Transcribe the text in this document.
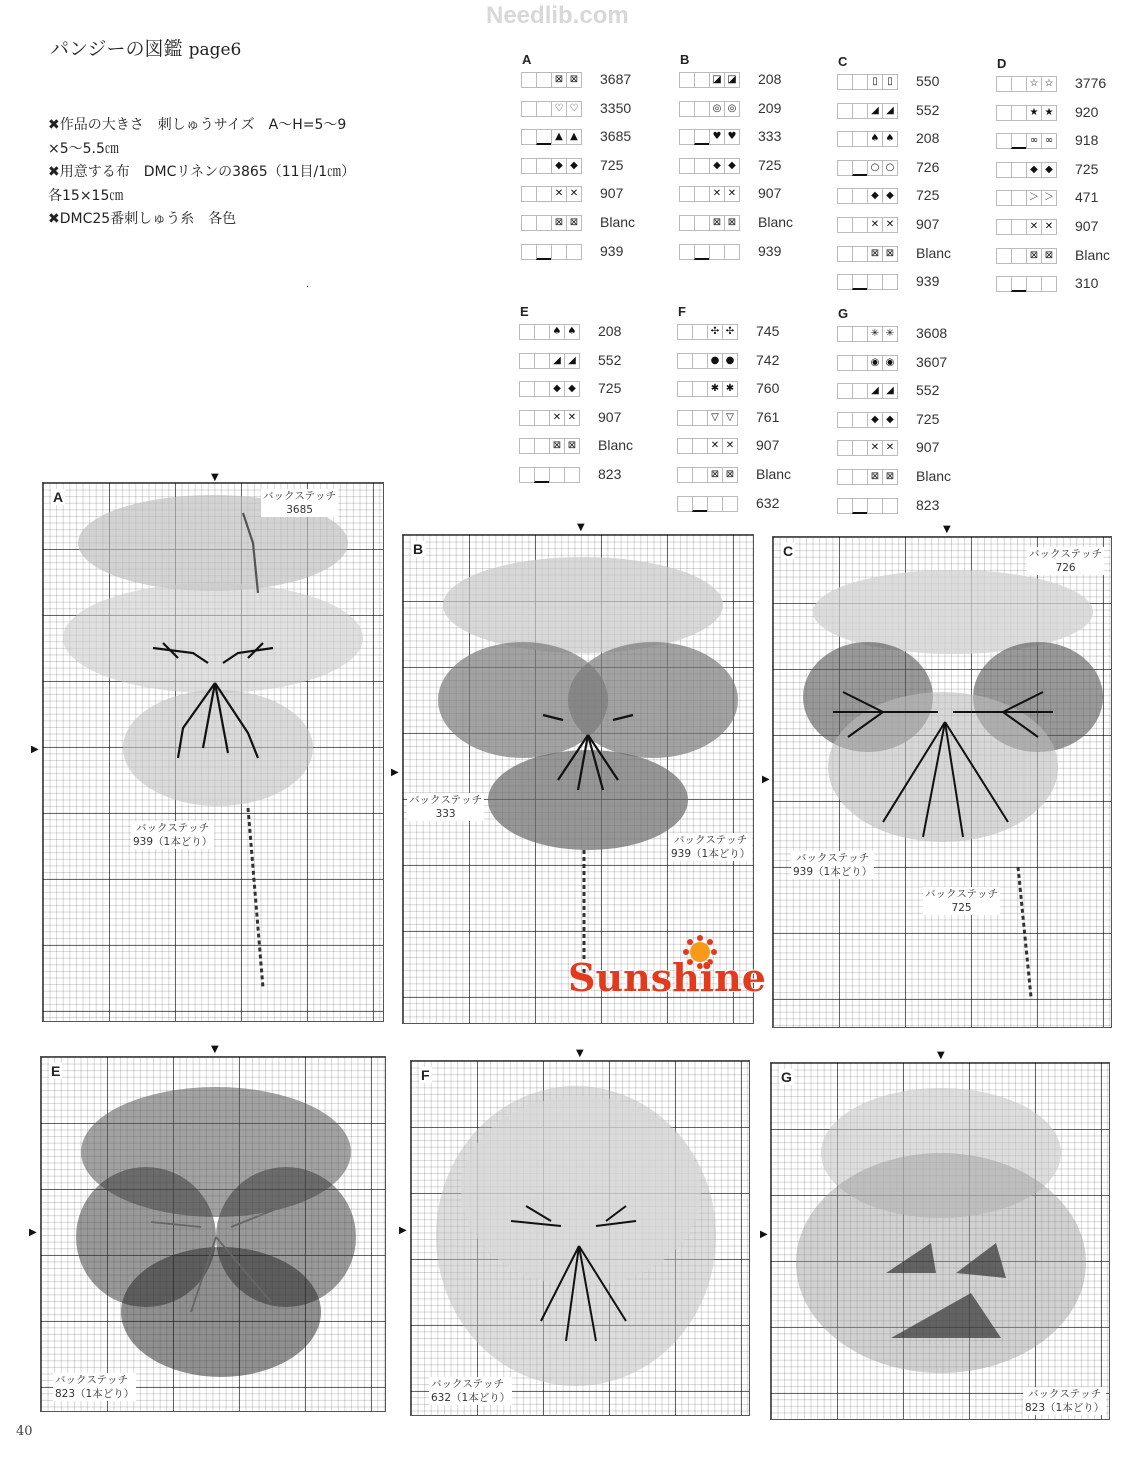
Needlib.com
パンジーの図鑑 page6
✖作品の大きさ　刺しゅうサイズ　A〜H=5〜9
×5〜5.5㎝
✖用意する布　DMCリネンの3865（11目/1㎝）
各15×15㎝
✖DMC25番刺しゅう糸　各色
·
A
⊠ ⊠ 3687
♡ ♡ 3350
▲ ▲ 3685
◆ ◆ 725
✕ ✕ 907
⊠ ⊠ Blanc
939
B
◪ ◪ 208
◎ ◎ 209
♥ ♥ 333
◆ ◆ 725
✕ ✕ 907
⊠ ⊠ Blanc
939
C
▯ ▯	550
◢ ◢ 552
♠ ♠ 208
○ ○ 726
◆ ◆ 725
✕ ✕ 907
⊠ ⊠ Blanc
939
D
☆ ☆ 3776
★ ★ 920
∞ ∞ 918
◆ ◆ 725
＞ ＞ 471
✕ ✕ 907
⊠ ⊠ Blanc
310
E
♠ ♠ 208
◢ ◢ 552
◆ ◆ 725
✕ ✕ 907
⊠ ⊠ Blanc
823
F
✣ ✣ 745
● ● 742
✱ ✱ 760
▽ ▽ 761
✕ ✕ 907
⊠ ⊠ Blanc
632
G
✳ ✳ 3608
◉ ◉ 3607
◢ ◢ 552
◆ ◆ 725
✕ ✕ 907
⊠ ⊠ Blanc
823
A	バックステッチ
3685
バックステッチ
939（1本どり）
▼
▶
B
バックステッチ
333
バックステッチ
939（1本どり）
▼
▶
Sunshine
C	バックステッチ
726
バックステッチ
939（1本どり）
バックステッチ
725
▼
▶
E
バックステッチ
823（1本どり）
▼
▶
F
バックステッチ
632（1本どり）
▼
▶
G
バックステッチ
823（1本どり）
▼
▶
40
